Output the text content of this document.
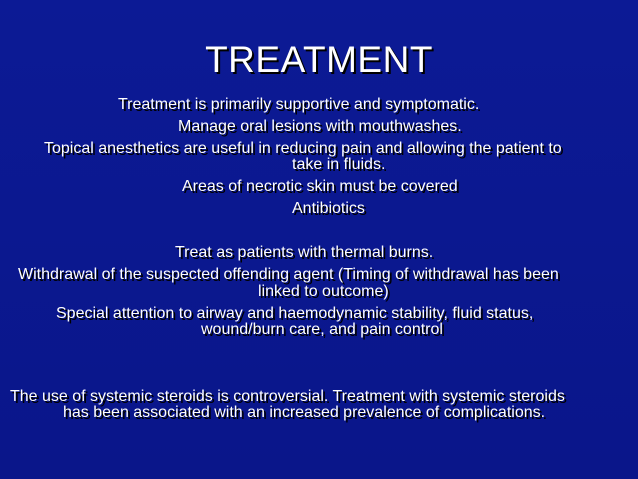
TREATMENT
Treatment is primarily supportive and symptomatic.
Manage oral lesions with mouthwashes.
Topical anesthetics are useful in reducing pain and allowing the patient to
take in fluids.
Areas of necrotic skin must be covered
Antibiotics
Treat as patients with thermal burns.
Withdrawal of the suspected offending agent (Timing of withdrawal has been
linked to outcome)
Special attention to airway and haemodynamic stability, fluid status,
wound/burn care, and pain control
The use of systemic steroids is controversial. Treatment with systemic steroids
has been associated with an increased prevalence of complications.
